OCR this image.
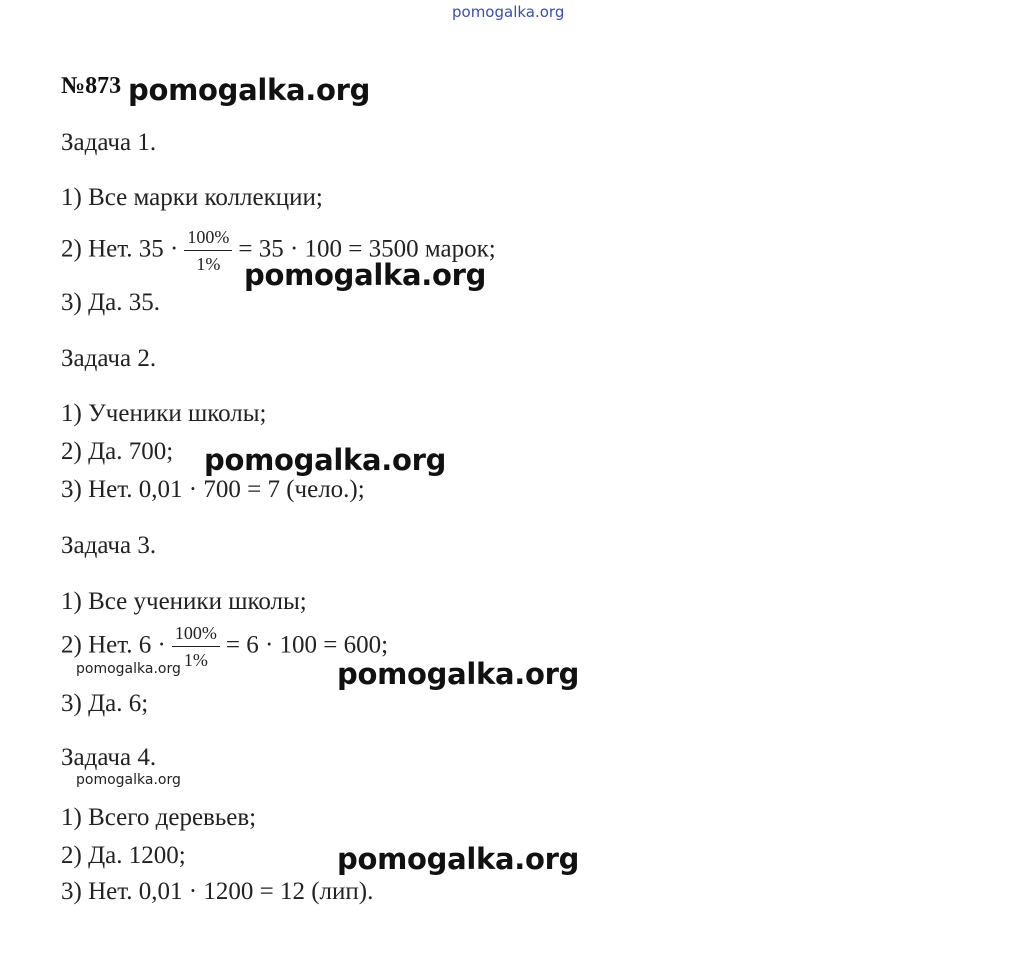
pomogalka.org
№873 pomogalka.org
Задача 1.
1) Все марки коллекции;
2) Нет. $35 \cdot \frac{100\%}{1\%} = 35 \cdot 100 = 3500$ марок;
pomogalka.org
3) Да. 35.
Задача 2.
1) Ученики школы;
2) Да. 700; pomogalka.org
3) Нет. 0,01 · 700 = 7 (чело.);
Задача 3.
1) Все ученики школы;
2) Нет. $6 \cdot \frac{100\%}{1\%} = 6 \cdot 100 = 600$;
pomogalka.org	pomogalka.org
3) Да. 6;
Задача 4.
pomogalka.org
1) Всего деревьев;
2) Да. 1200;	pomogalka.org
3) Нет. 0,01 · 1200 = 12 (лип).
